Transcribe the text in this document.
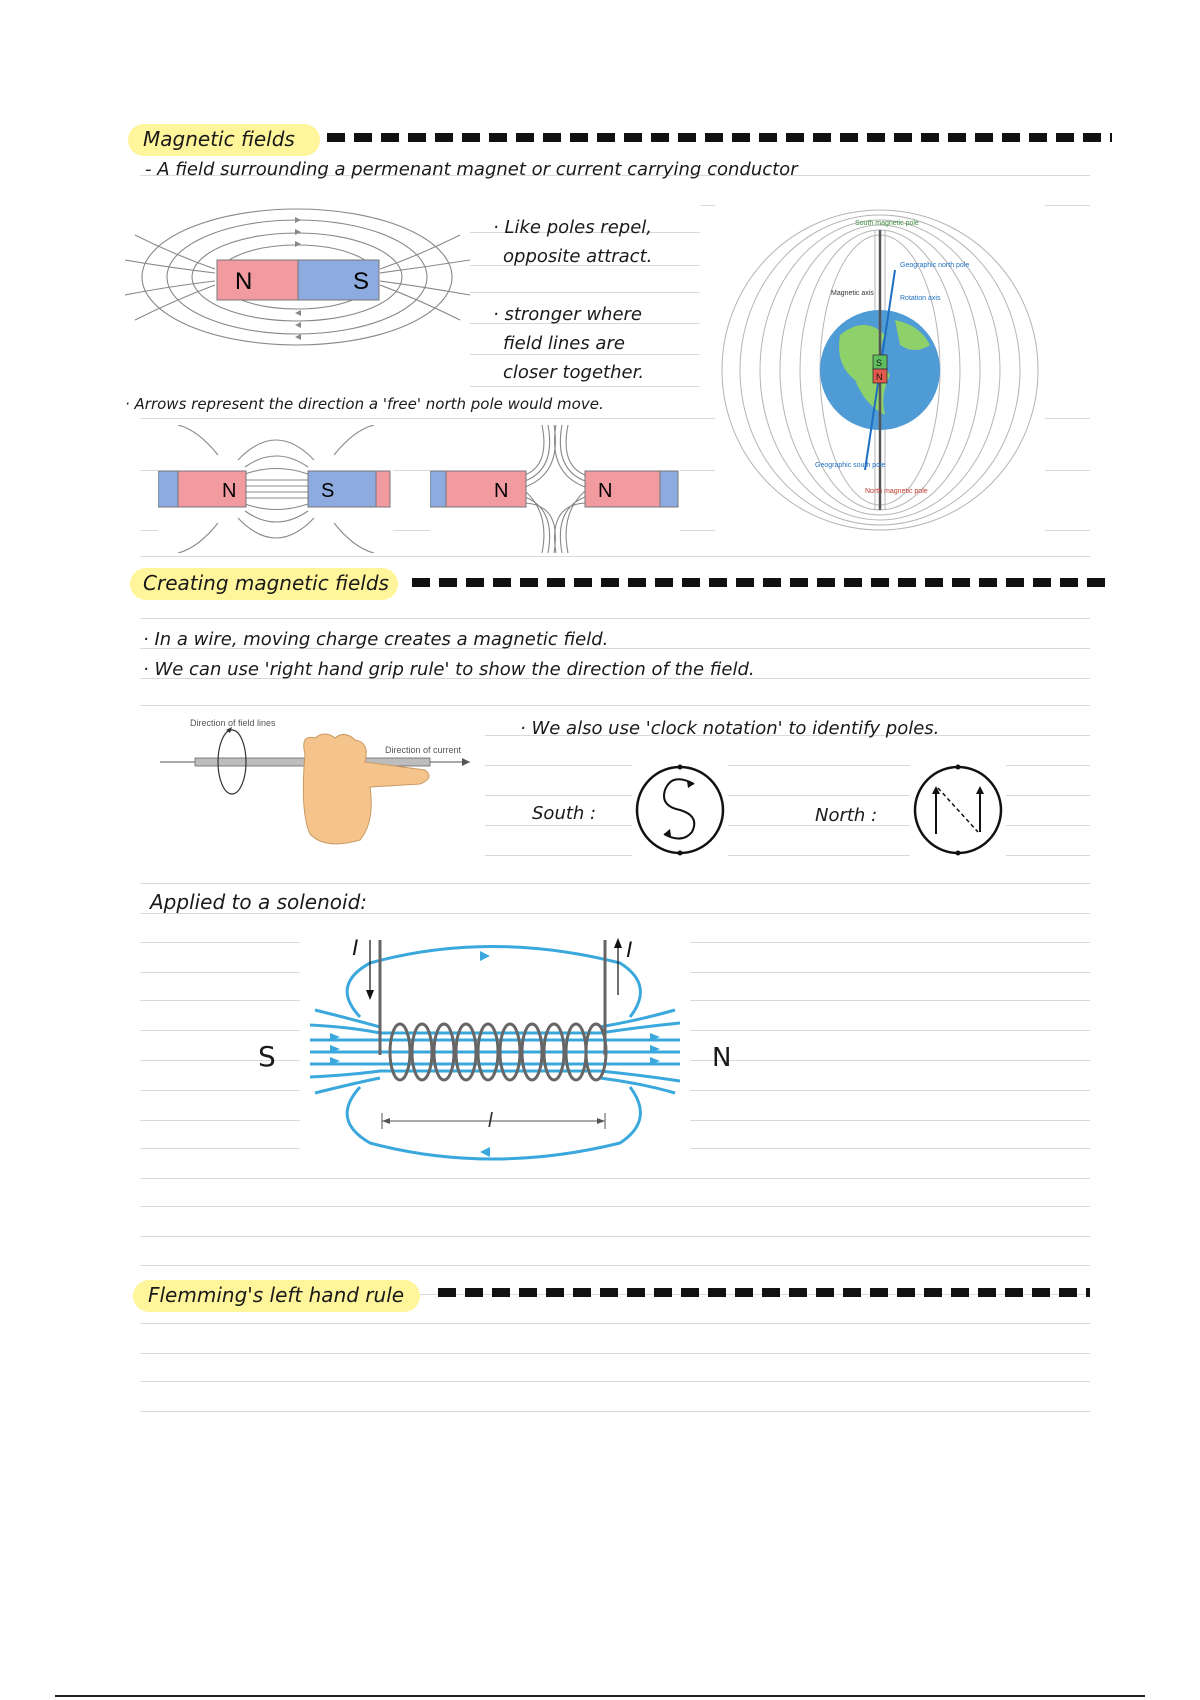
Magnetic fields
- A field surrounding a permenant magnet or current carrying conductor
N	S
· Like poles repel,
opposite attract.
· stronger where
field lines are
closer together.
· Arrows represent the direction a 'free' north pole would move.
N	S	N	N
S
N
South magnetic pole
Geographic north pole
Magnetic axis
Rotation axis
Geographic south pole
North magnetic pole
Creating magnetic fields
· In a wire, moving charge creates a magnetic field.
· We can use 'right hand grip rule' to show the direction of the field.
Direction of field lines
Direction of current
· We also use 'clock notation' to identify poles.
South :	North :
Applied to a solenoid:
I	I
l
S	N
Flemming's left hand rule
